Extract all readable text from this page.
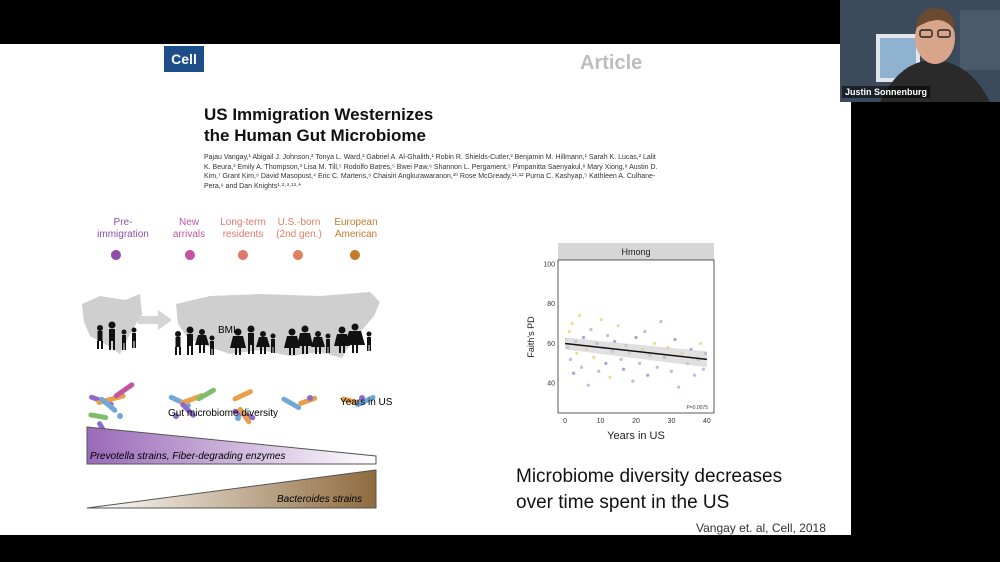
Cell	Article
US Immigration Westernizes
the Human Gut Microbiome
Pajau Vangay,¹ Abigail J. Johnson,² Tonya L. Ward,² Gabriel A. Al-Ghalith,¹ Robin R. Shields-Cutler,² Benjamin M. Hillmann,¹ Sarah K. Lucas,² Lalit K. Beura,³ Emily A. Thompson,³ Lisa M. Till,⁵ Rodolfo Batres,⁵ Bwei Paw,⁶ Shannon L. Pergament,⁵ Pimpanitta Saenyakul,⁸ Mary Xiong,⁸ Austin D. Kim,⁷ Grant Kim,⁹ David Masopust,⁴ Eric C. Martens,⁹ Chaisiri Angkurawaranon,¹⁰ Rose McGready,¹¹·¹² Purna C. Kashyap,⁵ Kathleen A. Culhane-Pera,⁶ and Dan Knights¹·²·³·¹³·*
Pre-
immigration
New
arrivals
Long-term
residents
U.S.-born
(2nd gen.)
European
American
BMI
Years in US
Gut microbiome diversity
Prevotella strains, Fiber-degrading enzymes
Bacteroides strains
Hmong
0	10	20	30	40
40
60
80
100
Faith's PD
Years in US
P=0.0075
Microbiome diversity decreases
over time spent in the US
Vangay et. al, Cell, 2018
Justin Sonnenburg
